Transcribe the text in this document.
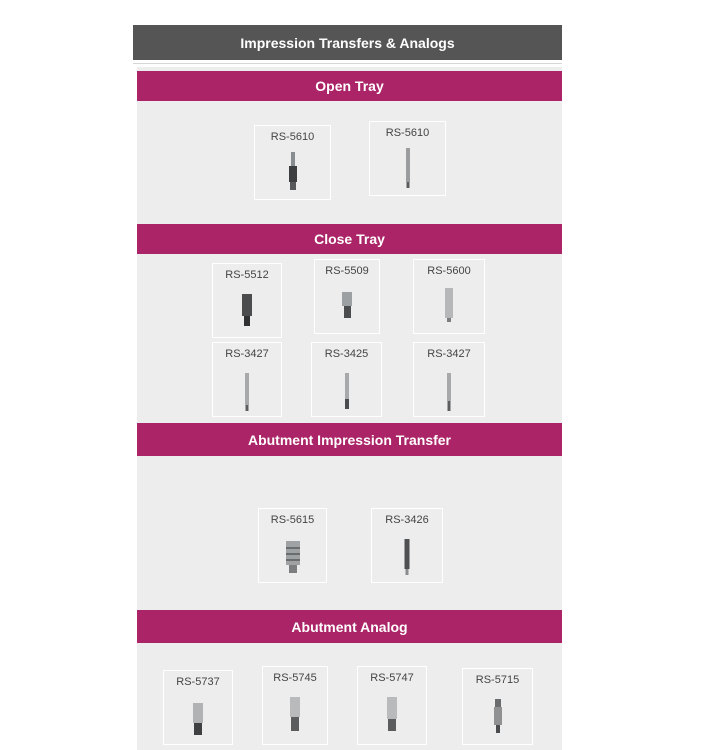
Impression Transfers & Analogs
Open Tray
RS-5610	RS-5610
Close Tray
RS-5512	RS-5509	RS-5600
RS-3427	RS-3425	RS-3427
Abutment Impression Transfer
RS-5615	RS-3426
Abutment Analog
RS-5737	RS-5745	RS-5747	RS-5715
